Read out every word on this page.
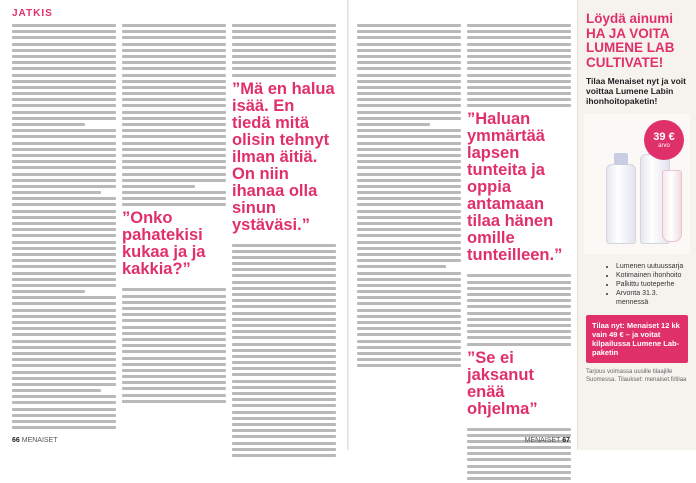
JATKIS
”Onko pahatekisi kukaa ja ja kakkia?”
”Mä en halua isää. En tiedä mitä olisin tehnyt ilman äitiä. On niin ihanaa olla sinun ystäväsi.”
66 MENAISET
”Haluan ymmärtää lapsen tunteita ja oppia antamaan tilaa hänen omille tunteilleen.”
”Se ei jaksanut enää ohjelma”
MENAISET 67
Löydä ainumi HA JA VOITA LUMENE LAB CULTIVATE!
Tilaa Menaiset nyt ja voit voittaa Lumene Labin ihonhoitopaketin!
39 €
arvo
• Lumenen uutuussarja
• Kotimainen ihonhoito
• Palkittu tuoteperhe
• Arvonta 31.3. mennessä
Tilaa nyt: Menaiset 12 kk vain 49 € – ja voitat kilpailussa Lumene Lab-paketin
Tarjous voimassa uusille tilaajille Suomessa. Tilaukset: menaiset.fi/tilaa
